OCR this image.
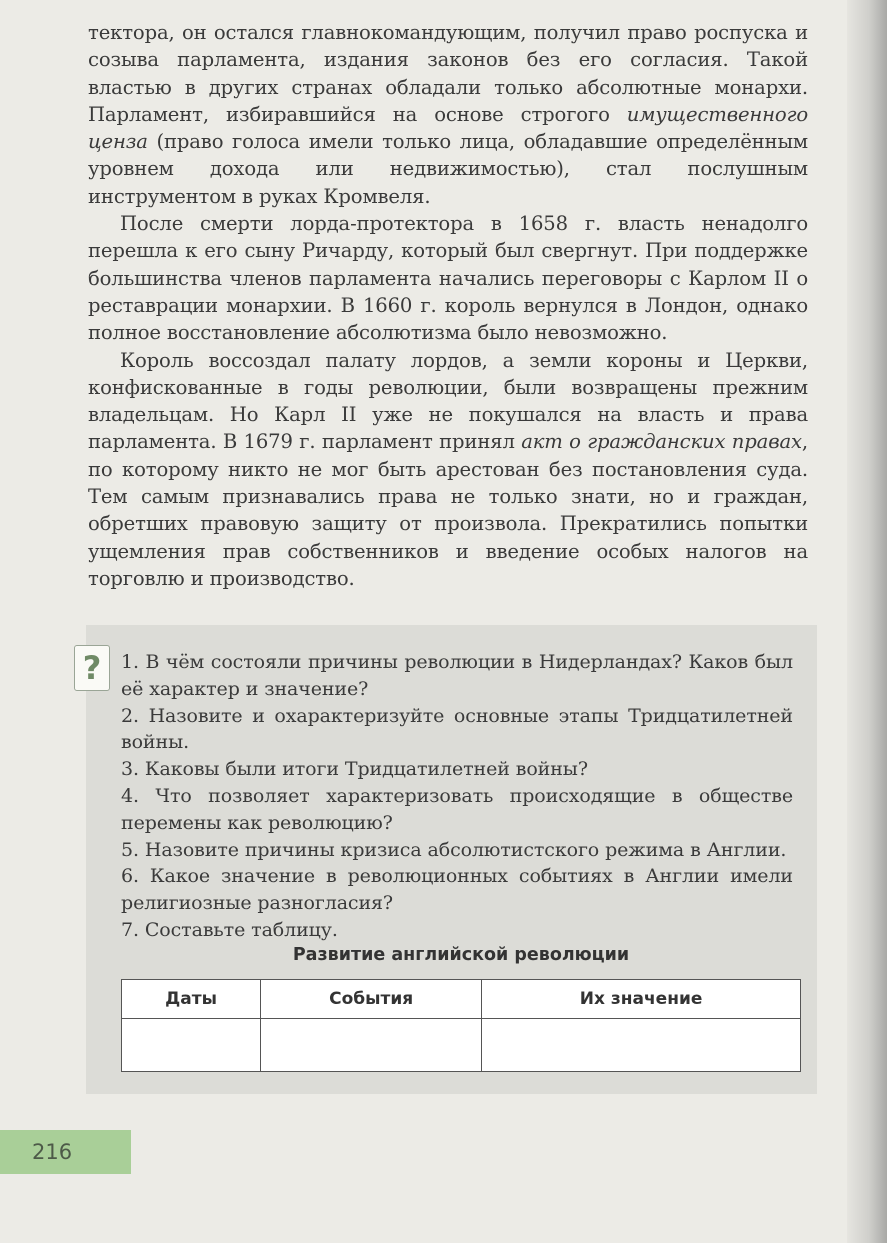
тектора, он остался главнокомандующим, получил право роспуска и созыва парламента, издания законов без его согласия. Такой властью в других странах обладали только абсолютные монархи. Парламент, избиравшийся на основе строгого имущественного ценза (право голоса имели только лица, обладавшие определённым уровнем дохода или недвижимостью), стал послушным инструментом в руках Кромвеля.

После смерти лорда-протектора в 1658 г. власть ненадолго перешла к его сыну Ричарду, который был свергнут. При поддержке большинства членов парламента начались переговоры с Карлом II о реставрации монархии. В 1660 г. король вернулся в Лондон, однако полное восстановление абсолютизма было невозможно.

Король воссоздал палату лордов, а земли короны и Церкви, конфискованные в годы революции, были возвращены прежним владельцам. Но Карл II уже не покушался на власть и права парламента. В 1679 г. парламент принял акт о гражданских правах, по которому никто не мог быть арестован без постановления суда. Тем самым признавались права не только знати, но и граждан, обретших правовую защиту от произвола. Прекратились попытки ущемления прав собственников и введение особых налогов на торговлю и производство.

?	1. В чём состояли причины революции в Нидерландах? Каков был её характер и значение?
2. Назовите и охарактеризуйте основные этапы Тридцатилетней войны.
3. Каковы были итоги Тридцатилетней войны?
4. Что позволяет характеризовать происходящие в обществе перемены как революцию?
5. Назовите причины кризиса абсолютистского режима в Англии.
6. Какое значение в революционных событиях в Англии имели религиозные разногласия?
7. Составьте таблицу.
Развитие английской революции
Даты	События	Их значение

216
